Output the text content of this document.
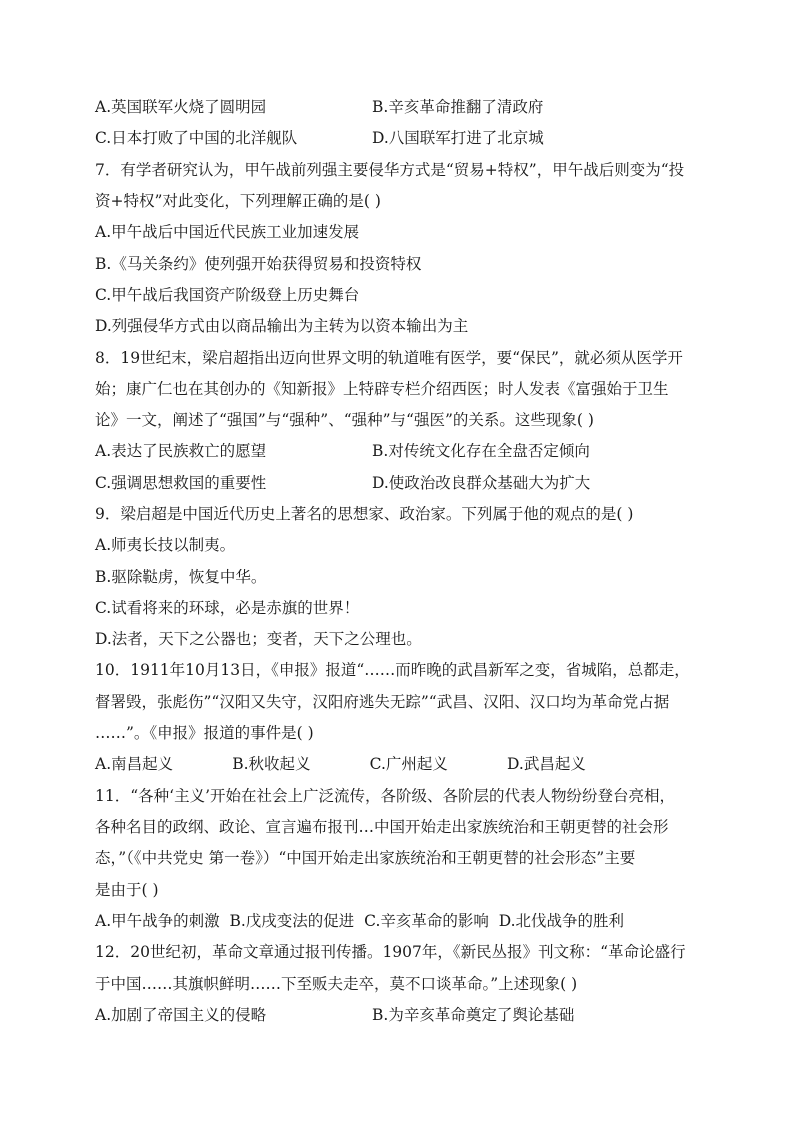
A.英国联军火烧了圆明园	B.辛亥革命推翻了清政府
C.日本打败了中国的北洋舰队	D.八国联军打进了北京城
7．有学者研究认为，甲午战前列强主要侵华方式是“贸易+特权”，甲午战后则变为“投
资+特权”对此变化，下列理解正确的是( )
A.甲午战后中国近代民族工业加速发展
B.《马关条约》使列强开始获得贸易和投资特权
C.甲午战后我国资产阶级登上历史舞台
D.列强侵华方式由以商品输出为主转为以资本输出为主
8．19世纪末，梁启超指出迈向世界文明的轨道唯有医学，要“保民”，就必须从医学开
始；康广仁也在其创办的《知新报》上特辟专栏介绍西医；时人发表《富强始于卫生
论》一文，阐述了“强国”与“强种”、“强种”与“强医”的关系。这些现象( )
A.表达了民族救亡的愿望	B.对传统文化存在全盘否定倾向
C.强调思想救国的重要性	D.使政治改良群众基础大为扩大
9．梁启超是中国近代历史上著名的思想家、政治家。下列属于他的观点的是( )
A.师夷长技以制夷。
B.驱除鞑虏，恢复中华。
C.试看将来的环球，必是赤旗的世界！
D.法者，天下之公器也；变者，天下之公理也。
10．1911年10月13日，《申报》报道“……而昨晚的武昌新军之变，省城陷，总都走，
督署毁，张彪伤”“汉阳又失守，汉阳府逃失无踪”“武昌、汉阳、汉口均为革命党占据
……”。《申报》报道的事件是( )
A.南昌起义            B.秋收起义            C.广州起义            D.武昌起义
11．“各种‘主义’开始在社会上广泛流传，各阶级、各阶层的代表人物纷纷登台亮相，
各种名目的政纲、政论、宣言遍布报刊…中国开始走出家族统治和王朝更替的社会形
态，”（《中共党史 第一卷》）“中国开始走出家族统治和王朝更替的社会形态”主要
是由于( )
A.甲午战争的刺激  B.戊戌变法的促进  C.辛亥革命的影响  D.北伐战争的胜利
12．20世纪初，革命文章通过报刊传播。1907年，《新民丛报》刊文称：“革命论盛行
于中国……其旗帜鲜明……下至贩夫走卒，莫不口谈革命。”上述现象( )
A.加剧了帝国主义的侵略	B.为辛亥革命奠定了舆论基础
